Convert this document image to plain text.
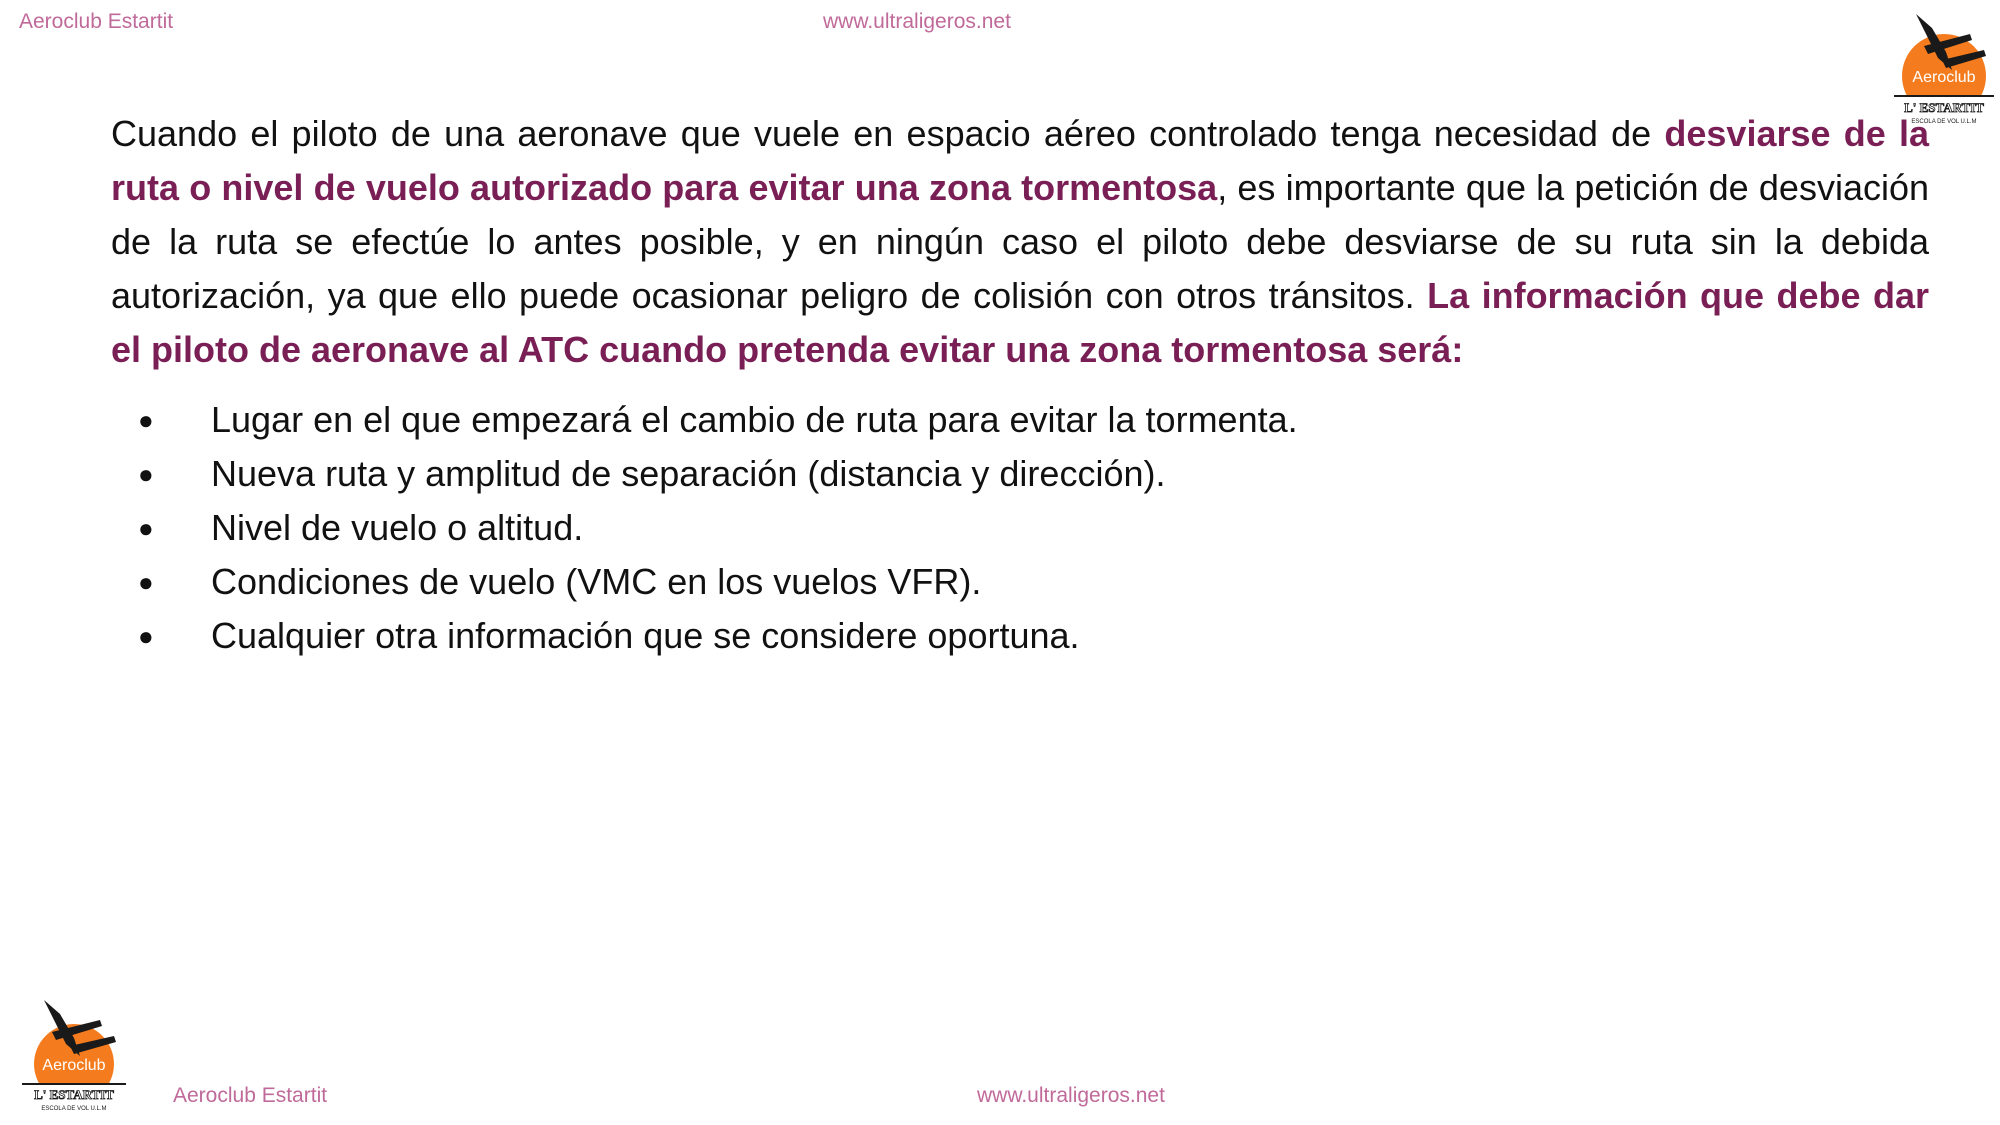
Aeroclub Estartit	www.ultraligeros.net
Aeroclub
L' ESTARTIT
ESCOLA DE VOL U.L.M

Cuando el piloto de una aeronave que vuele en espacio aéreo controlado tenga necesidad de desviarse de la ruta o nivel de vuelo autorizado para evitar una zona tormentosa, es importante que la petición de desviación de la ruta se efectúe lo antes posible, y en ningún caso el piloto debe desviarse de su ruta sin la debida autorización, ya que ello puede ocasionar peligro de colisión con otros tránsitos. La información que debe dar el piloto de aeronave al ATC cuando pretenda evitar una zona tormentosa será:

● Lugar en el que empezará el cambio de ruta para evitar la tormenta.
● Nueva ruta y amplitud de separación (distancia y dirección).
● Nivel de vuelo o altitud.
● Condiciones de vuelo (VMC en los vuelos VFR).
● Cualquier otra información que se considere oportuna.
Aeroclub
L' ESTARTIT
ESCOLA DE VOL U.L.M
Aeroclub Estartit	www.ultraligeros.net
